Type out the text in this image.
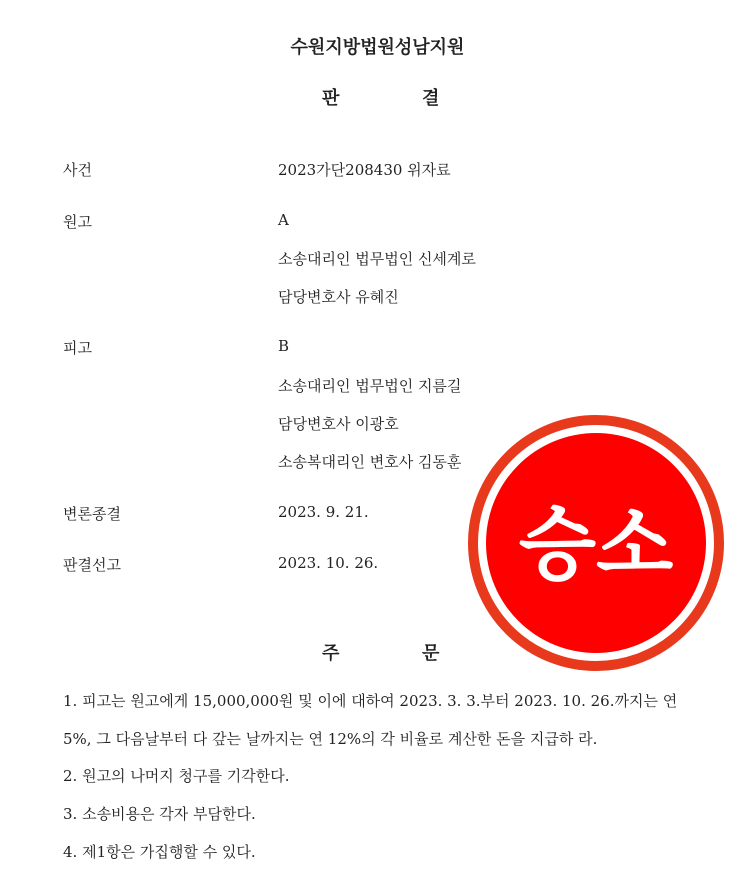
수원지방법원성남지원
판	결
사건	2023가단208430 위자료
원고	A
소송대리인 법무법인 신세계로
담당변호사 유혜진
피고	B
소송대리인 법무법인 지름길
담당변호사 이광호
소송복대리인 변호사 김동훈
변론종결	2023. 9. 21.
판결선고	2023. 10. 26.
주	문
1. 피고는 원고에게 15,000,000원 및 이에 대하여 2023. 3. 3.부터 2023. 10. 26.까지는 연
5%, 그 다음날부터 다 갚는 날까지는 연 12%의 각 비율로 계산한 돈을 지급하 라.
2. 원고의 나머지 청구를 기각한다.
3. 소송비용은 각자 부담한다.
4. 제1항은 가집행할 수 있다.
승소
